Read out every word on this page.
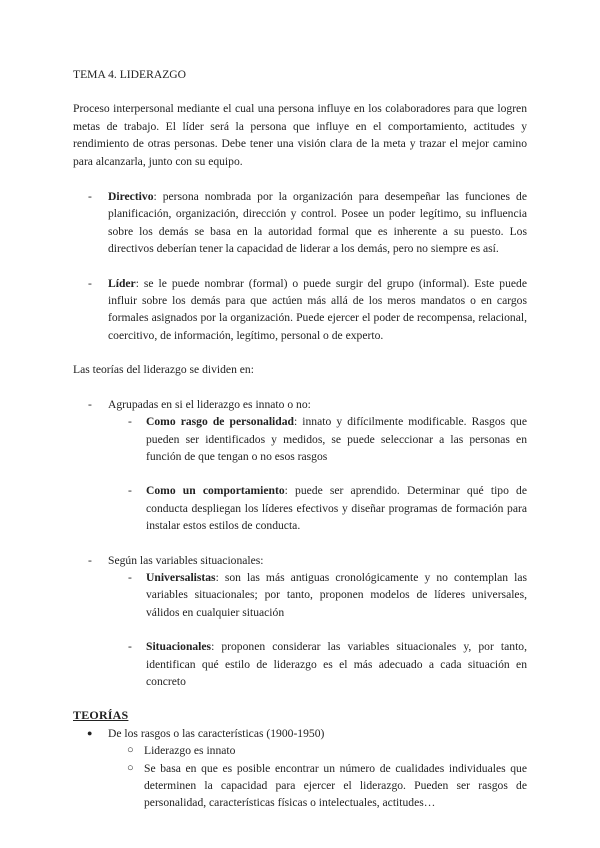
TEMA 4. LIDERAZGO

Proceso interpersonal mediante el cual una persona influye en los colaboradores para que logren metas de trabajo. El líder será la persona que influye en el comportamiento, actitudes y rendimiento de otras personas. Debe tener una visión clara de la meta y trazar el mejor camino para alcanzarla, junto con su equipo.

- Directivo: persona nombrada por la organización para desempeñar las funciones de planificación, organización, dirección y control. Posee un poder legítimo, su influencia sobre los demás se basa en la autoridad formal que es inherente a su puesto. Los directivos deberían tener la capacidad de liderar a los demás, pero no siempre es así.
- Líder: se le puede nombrar (formal) o puede surgir del grupo (informal). Este puede influir sobre los demás para que actúen más allá de los meros mandatos o en cargos formales asignados por la organización. Puede ejercer el poder de recompensa, relacional, coercitivo, de información, legítimo, personal o de experto.

Las teorías del liderazgo se dividen en:

- Agrupadas en si el liderazgo es innato o no:
- Como rasgo de personalidad: innato y difícilmente modificable. Rasgos que pueden ser identificados y medidos, se puede seleccionar a las personas en función de que tengan o no esos rasgos
- Como un comportamiento: puede ser aprendido. Determinar qué tipo de conducta despliegan los líderes efectivos y diseñar programas de formación para instalar estos estilos de conducta.
- Según las variables situacionales:
- Universalistas: son las más antiguas cronológicamente y no contemplan las variables situacionales; por tanto, proponen modelos de líderes universales, válidos en cualquier situación
- Situacionales: proponen considerar las variables situacionales y, por tanto, identifican qué estilo de liderazgo es el más adecuado a cada situación en concreto

TEORÍAS

● De los rasgos o las características (1900-1950)
○ Liderazgo es innato
○ Se basa en que es posible encontrar un número de cualidades individuales que determinen la capacidad para ejercer el liderazgo. Pueden ser rasgos de personalidad, características físicas o intelectuales, actitudes…
